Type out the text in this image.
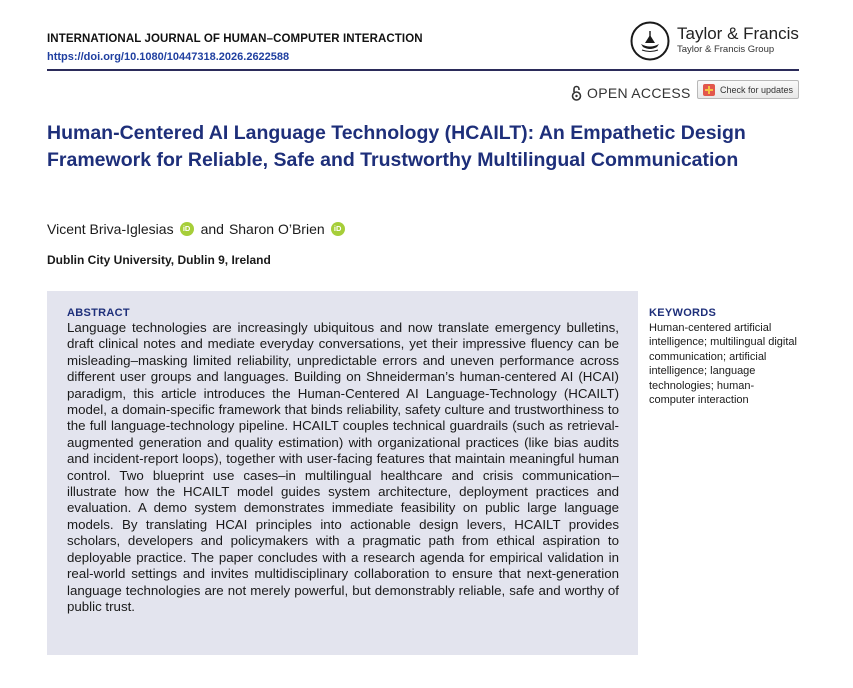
INTERNATIONAL JOURNAL OF HUMAN–COMPUTER INTERACTION
https://doi.org/10.1080/10447318.2026.2622588
Taylor & Francis
Taylor & Francis Group
OPEN ACCESS	Check for updates
Human-Centered AI Language Technology (HCAILT): An Empathetic Design Framework for Reliable, Safe and Trustworthy Multilingual Communication
Vicent Briva-Iglesias	iD and Sharon O’Brien	iD
Dublin City University, Dublin 9, Ireland
ABSTRACT

Language technologies are increasingly ubiquitous and now translate emergency bulletins, draft clinical notes and mediate everyday conversations, yet their impressive fluency can be misleading–masking limited reliability, unpredictable errors and uneven performance across different user groups and languages. Building on Shneiderman’s human-centered AI (HCAI) paradigm, this article introduces the Human-Centered AI Language-Technology (HCAILT) model, a domain-specific framework that binds reliability, safety culture and trustworthiness to the full language-technology pipeline. HCAILT couples technical guardrails (such as retrieval-augmented generation and quality estimation) with organizational practices (like bias audits and incident-report loops), together with user-facing features that maintain meaningful human control. Two blueprint use cases–in multilingual healthcare and crisis communication–illustrate how the HCAILT model guides system architecture, deployment practices and evaluation. A demo system demonstrates immediate feasibility on public large language models. By translating HCAI principles into actionable design levers, HCAILT provides scholars, developers and policymakers with a pragmatic path from ethical aspiration to deployable practice. The paper concludes with a research agenda for empirical validation in real-world settings and invites multidisciplinary collaboration to ensure that next-generation language technologies are not merely powerful, but demonstrably reliable, safe and worthy of public trust.

KEYWORDS
Human-centered artificial intelligence; multilingual digital communication; artificial intelligence; language technologies; human-computer interaction
